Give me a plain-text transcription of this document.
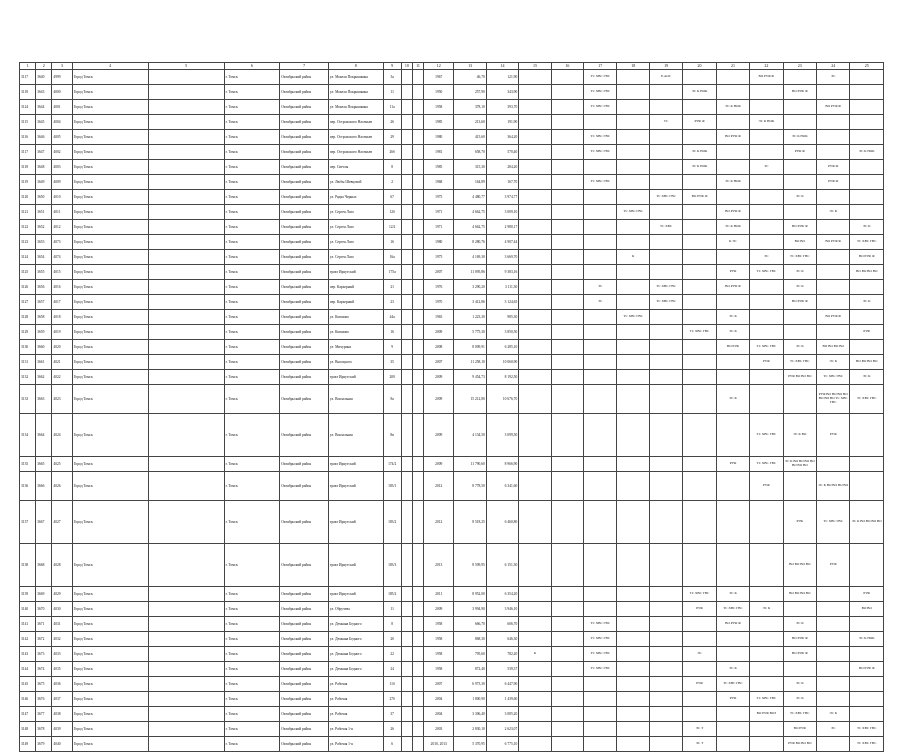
1	2	3	4	5	6	7	8	9	10	11	12	13	14	15	16	17	18	19	20	21	22	23	24	25
3117	3640	4999	Город Томск		г. Томск	Октябрьский район	ул. Мокеля Покрышкина	3а			1967	46,70	121,90			ТС ХВС ГВС		Е.АОС			ВО РУФ Ф		ЭС	
3118	3643	4000	Город Томск		г. Томск	Октябрьский район	ул. Мокеля Покрышкина	11			1950	257,90	343,90			ТС ХВС ГВС			ЭС К НОК			ВО РУФ Ф		
3124	3644	4001	Город Томск		г. Томск	Октябрьский район	ул. Мокеля Покрышкина	11а			1958	378,10	393,70			ТС ХВС ГВС				ЭС К НОК			ВО РУФ Ф	
3115	3645	4004	Город Томск		г. Томск	Октябрьский район	пер. Острожского Насеньев	26			1985	213,60	191,90					ТС	РУФ Ф		ЭС К НОК			
3116	3646	4005	Город Томск		г. Томск	Октябрьский район	пер. Острожского Насеньев	29			1980	415,60	364,20			ТС ХВС ГВС				ВО РУФ Ф		ЭС К НОК		
3117	3647	4002	Город Томск		г. Томск	Октябрьский район	пер. Острожского Насеньев	26б			1981	658,70	570,40			ТС ХВС ГВС			ЭС К НОК			РУФ Ф		ЭС К НОК
3118	3648	4003	Город Томск		г. Томск	Октябрьский район	пер. Светлы	8			1985	315,30	284,20						ЭС К НОК		ТС		РУФ Ф	
3119	3649	4009	Город Томск		г. Томск	Октябрьский район	ул. Любы Шевцовой	2			1968	164,89	167,70			ТС ХВС ГВС				ЭС К НОК			РУФ Ф	
3120	3650	4010	Город Томск		г. Томск	Октябрьский район	ул. Рядка Черных	67			1975	4 480,77	3 974,77					ТС ХВС ГВС	ВО РУФ Ф			ЭС К		
3121	3651	4011	Город Томск		г. Томск	Октябрьский район	ул. Сергея Лазо	12б			1971	4 662,75	3 009,10				ТС ХВС ГВС			ВО РУФ Ф			ЭС К	
3122	3652	4012	Город Томск		г. Томск	Октябрьский район	ул. Сергея Лазо	12/2			1971	4 662,75	2 980,17					ТС ХВС		ЭС К НОК		ВО РУФ Ф		ЭС К
3123	3653	4073	Город Томск		г. Томск	Октябрьский район	ул. Сергея Лазо	16			1980	8 280,76	4 907,44							К ЭС		ВО ВО	ВО РУФ Ф	ТС ХВС ГВС
3124	3654	4074	Город Томск		г. Томск	Октябрьский район	ул. Сергея Лазо	16а			1975	4 169,30	3 669,70				К				ЭС	ТС ХВС ГВС		ВО РУФ Ф
3125	3655	4015	Город Томск		г. Томск	Октябрьский район	тракт Иркутский	175а			2007	11 095,86	9 383,16							РУФ	ТС ХВС ГВС	ЭС К		ВО ВО ВО ВО
3126	3656	4016	Город Томск		г. Томск	Октябрьский район	пер. Карьерный	21			1976	3 290,20	3 111,30			ТС		ТС ХВС ГВС		ВО РУФ Ф		ЭС К		
3127	3657	4017	Город Томск		г. Томск	Октябрьский район	пер. Карьерный	23			1970	3 412,86	3 124,65			ТС		ТС ХВС ГВС				ВО РУФ Ф		ЭС К
3128	3658	4018	Город Томск		г. Томск	Октябрьский район	ул. Ковшова	44а			1965	1 223,30	985,30				ТС ХВС ГВС			ЭС К			ВО РУФ Ф	
3129	3659	4019	Город Томск		г. Томск	Октябрьский район	ул. Ковшова	16			2009	5 775,30	3 850,50						ТС ХВС ГВС	ЭС К				РУФ
3130	3660	4020	Город Томск		г. Томск	Октябрьский район	ул. Мичурина	9			2008	8 009,91	6 285,10							ВО РУФ	ТС ХВС ГВС	ЭС К	ВО ВО ВО ВО	
3131	3661	4021	Город Томск		г. Томск	Октябрьский район	ул. Высоцкого	35			2007	11 258,10	10 060,90								РУФ	ТС ХВС ГВС	ЭС К	ВО ВО ВО ВО
3132	3662	4022	Город Томск		г. Томск	Октябрьский район	тракт Иркутский	200			2009	9 454,73	8 192,50									РУФ ВО ВО ВО	ТС ХВС ГВС	ЭС К
3133	3663	4023	Город Томск		г. Томск	Октябрьский район	ул. Вокзальная	8а			2009	15 212,80	10 676,70							ЭС К			РУФ ВО ВО ВО ВО ВО ВО ВО ТС ХВС ГВС	ТС ХВС ГВС
3134	3664	4024	Город Томск		г. Томск	Октябрьский район	ул. Вокзальная	8в			2009	4 134,50	3 099,50								ТС ХВС ГВС	ЭС К ВО	РУФ	
3135	3665	4025	Город Томск		г. Томск	Октябрьский район	тракт Иркутский	174/2			2009	11 790,60	8 966,90							РУФ	ТС ХВС ГВС	ЭС К ВО ВО ВО ВО ВО ВО ВО		
3136	3666	4026	Город Томск		г. Томск	Октябрьский район	тракт Иркутский	183/1			2012	8 778,50	6 341,60								РУФ		ЭС К ВО ВО ВО ВО	
3137	3667	4027	Город Томск		г. Томск	Октябрьский район	тракт Иркутский	183/2			2012	8 518,25	6 460,80									РУФ	ТС ХВС ГВС	ЭС К ВО ВО ВО ВО
3138	3668	4028	Город Томск		г. Томск	Октябрьский район	тракт Иркутский	183/3			2013	8 509,95	6 151,30									ВО ВО ВО ВО	РУФ	
3139	3669	4029	Город Томск		г. Томск	Октябрьский район	тракт Иркутский	185/2			2011	8 952,00	6 354,20						ТС ХВС ГВС	ЭС К		ВО ВО ВО ВО		РУФ
3140	3670	4030	Город Томск		г. Томск	Октябрьский район	ул. Обручева	11			2009	3 994,90	3 946,10						РУФ	ТС ХВС ГВС	ЭС К			ВО ВО
3141	3671	4031	Город Томск		г. Томск	Октябрьский район	ул. Демьяна Бедного	8			1958	666,70	606,70			ТС ХВС ГВС				ВО РУФ Ф		ЭС К		
3142	3672	4032	Город Томск		г. Томск	Октябрьский район	ул. Демьяна Бедного	20			1958	868,30	646,30			ТС ХВС ГВС						ВО РУФ Ф		ЭС К НОК
3143	3673	4033	Город Томск		г. Томск	Октябрьский район	ул. Демьяна Бедного	22			1958	795,60	782,20	К		ТС ХВС ГВС			ЭС			ВО РУФ Ф		
3144	3674	4035	Город Томск		г. Томск	Октябрьский район	ул. Демьяна Бедного	24			1958	872,40	539,37			ТС ХВС ГВС				ЭС К				ВО РУФ Ф
3145	3675	4036	Город Томск		г. Томск	Октябрьский район	ул. Рабочая	11б			2007	6 973,30	6 447,90						РУФ	ТС ХВС ГВС		ЭС К		
3146	3676	4037	Город Томск		г. Томск	Октябрьский район	ул. Рабочая	27б			2004	1 800,90	1 439,60							РУФ	ТС ХВС ГВС	ЭС К		
3147	3677	4038	Город Томск		г. Томск	Октябрьский район	ул. Рабочая	37			2004	3 306,40	3 085,20								ВО РУФ ВОЗ	ТС ХВС ГВС	ЭС К	
3148	3678	4039	Город Томск		г. Томск	Октябрьский район	ул. Рабочая 1-я	26			2003	2 830,10	2 623,07						ЭС Т			ВО РУФ	ЭС	ТС ХВС ГВС
3149	3679	4040	Город Томск		г. Томск	Октябрьский район	ул. Рабочая 1-я	6			2010, 2013	5 370,95	6 775,10						ЭС Т			РУФ ВО ВО ВО		ТС ХВС ГВС
